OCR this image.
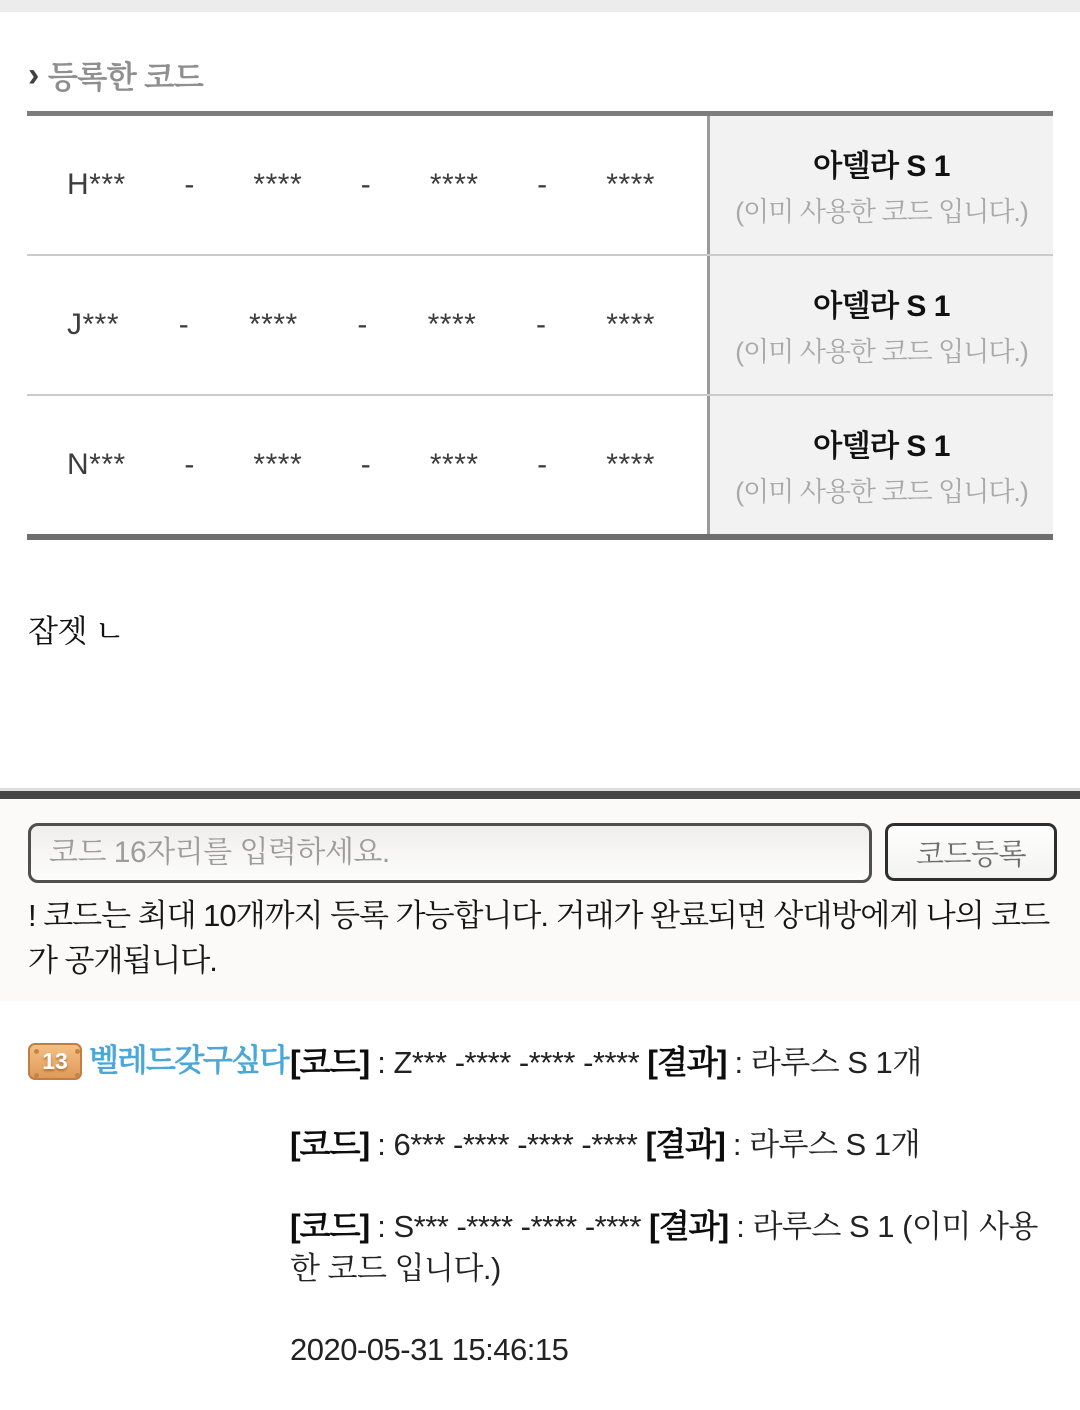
› 등록한 코드
H*** - **** - **** - ****
아델라 S 1
(이미 사용한 코드 입니다.)
J*** - **** - **** - ****
아델라 S 1
(이미 사용한 코드 입니다.)
N*** - **** - **** - ****
아델라 S 1
(이미 사용한 코드 입니다.)
잡젯 ㄴ
코드 16자리를 입력하세요.
코드등록
! 코드는 최대 10개까지 등록 가능합니다. 거래가 완료되면 상대방에게 나의 코드가 공개됩니다.
13 벨레드갖구싶다 [코드] : Z*** -**** -**** -**** [결과] : 라루스 S 1개

[코드] : 6*** -**** -**** -**** [결과] : 라루스 S 1개

[코드] : S*** -**** -**** -**** [결과] : 라루스 S 1 (이미 사용한 코드 입니다.)

2020-05-31 15:46:15
